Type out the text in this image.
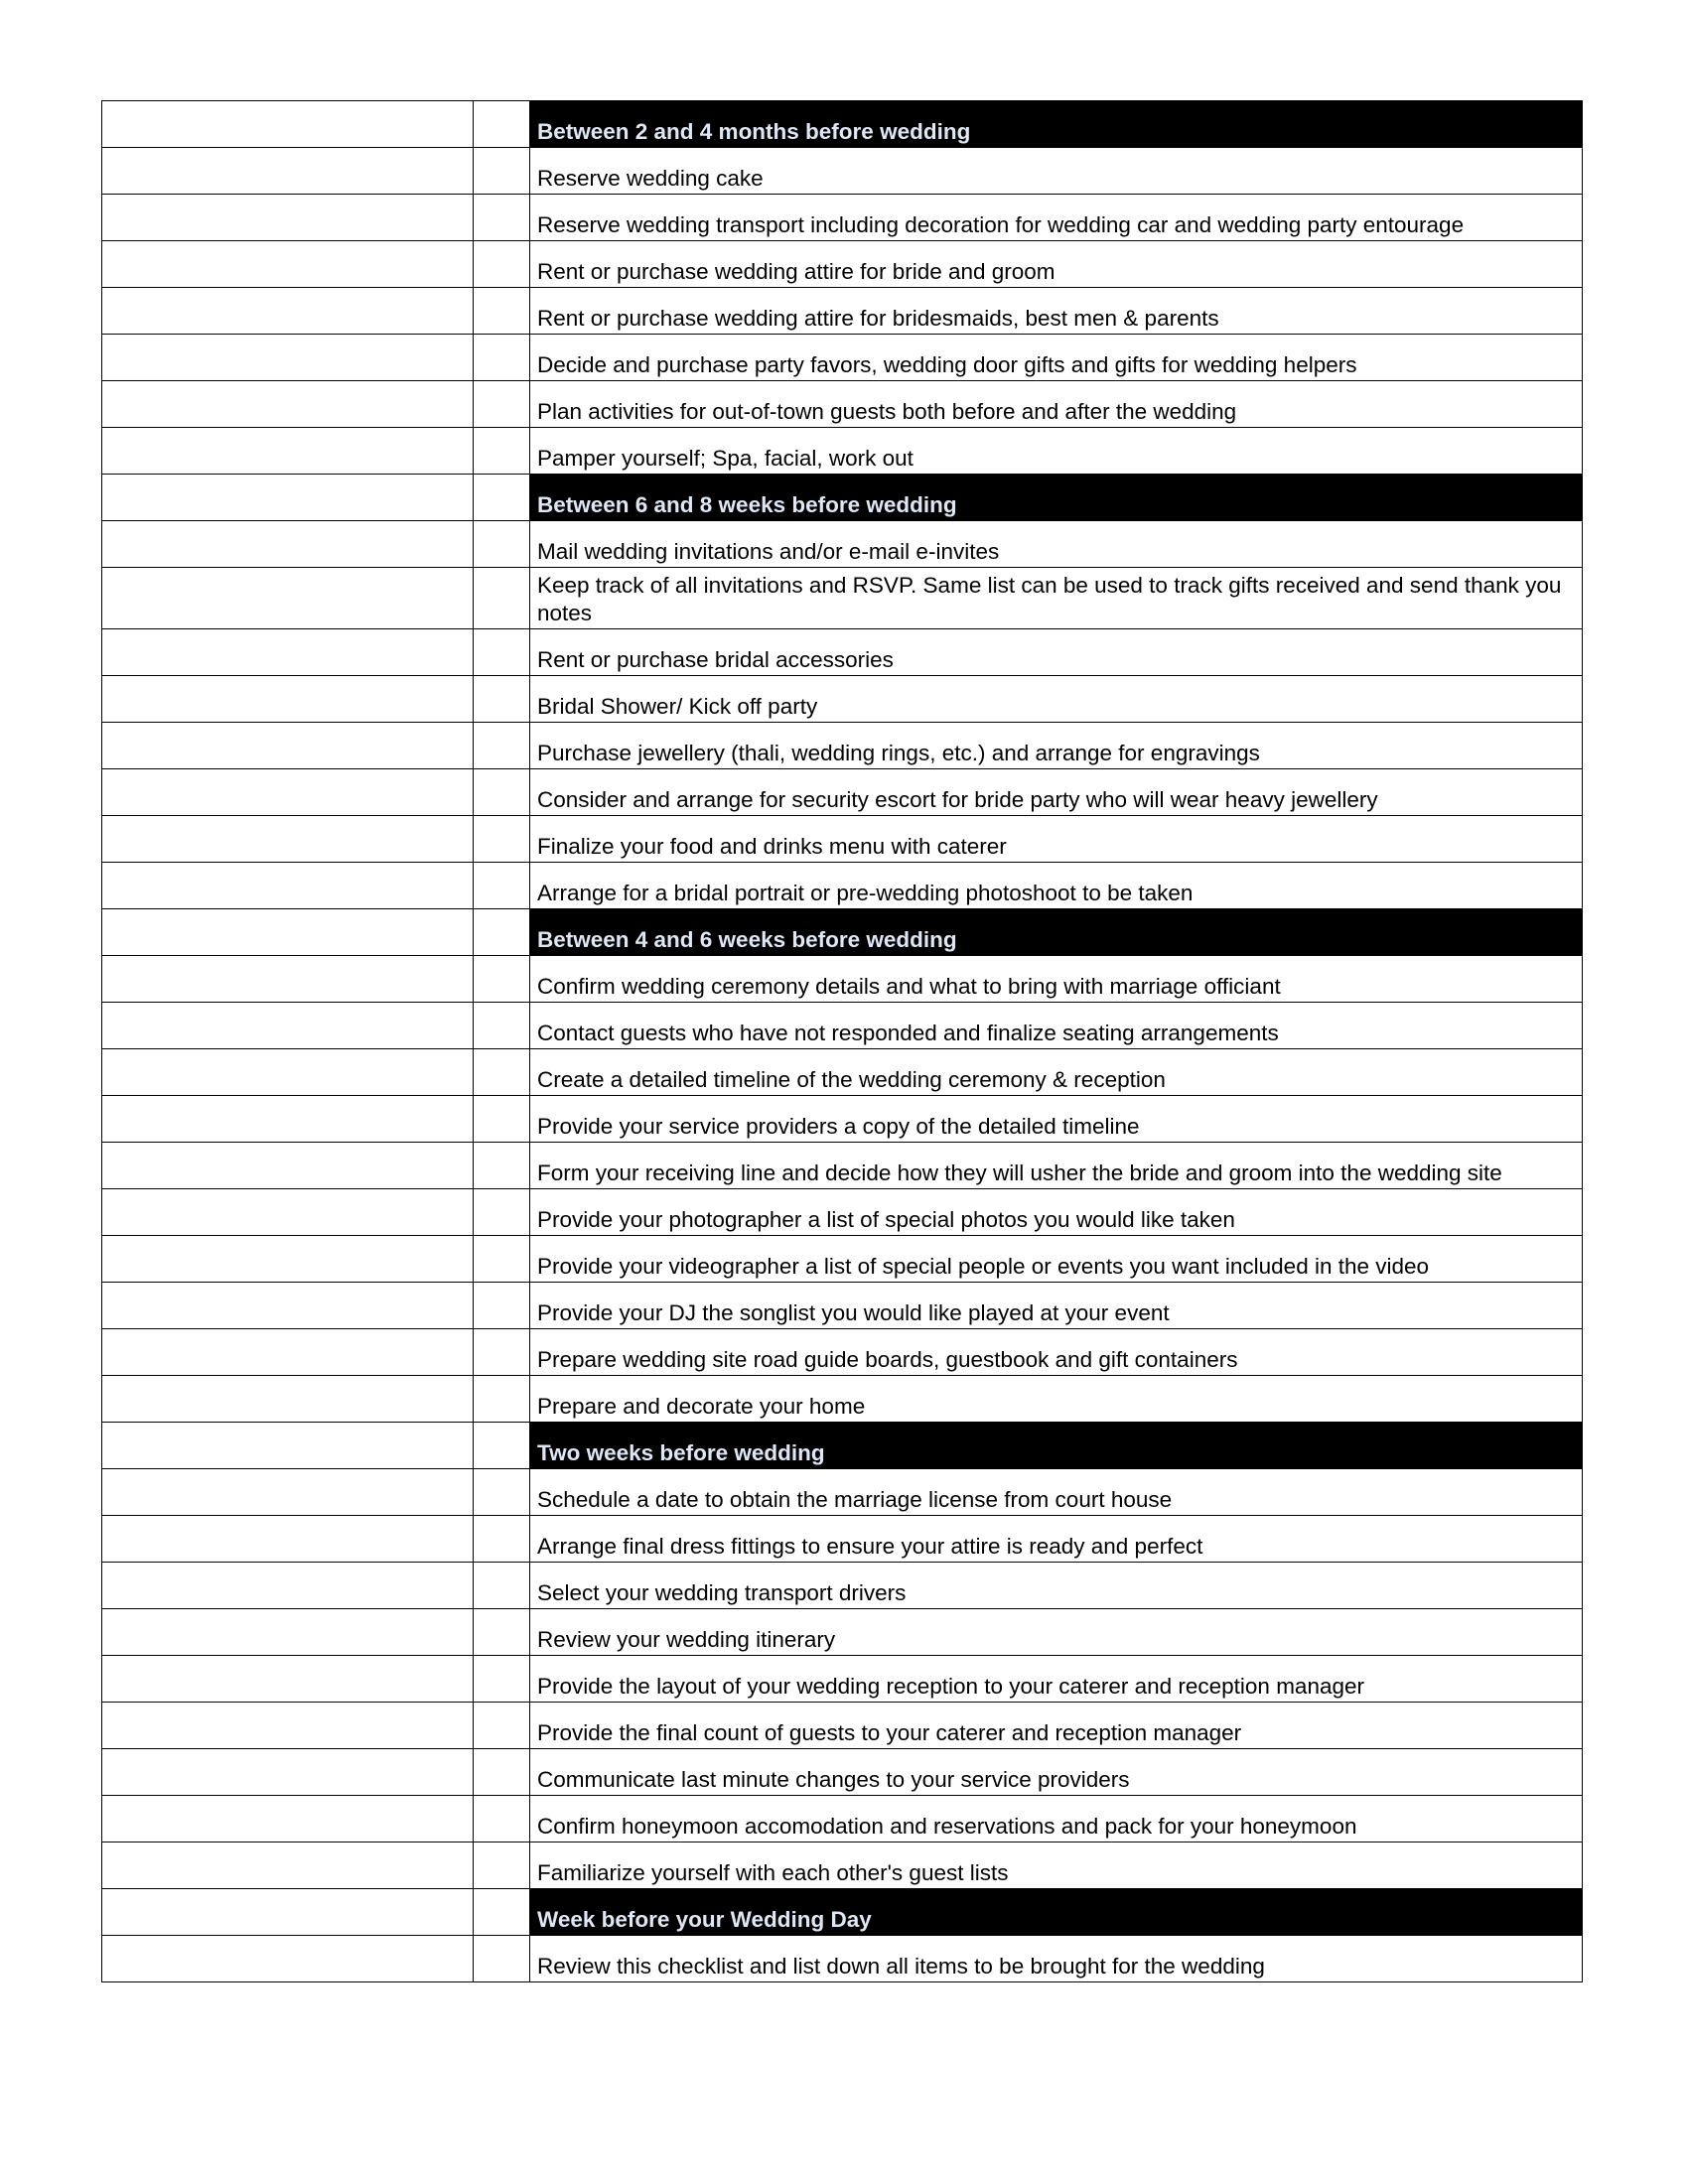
		Between 2 and 4 months before wedding

		Reserve wedding cake

		Reserve wedding transport including decoration for wedding car and wedding party entourage

		Rent or purchase wedding attire for bride and groom

		Rent or purchase wedding attire for bridesmaids, best men & parents

		Decide and purchase party favors, wedding door gifts and gifts for wedding helpers

		Plan activities for out-of-town guests both before and after the wedding

		Pamper yourself; Spa, facial, work out

		Between 6 and 8 weeks before wedding

		Mail wedding invitations and/or e-mail e-invites

		Keep track of all invitations and RSVP. Same list can be used to track gifts received and send thank you notes

		Rent or purchase bridal accessories

		Bridal Shower/ Kick off party

		Purchase jewellery (thali, wedding rings, etc.) and arrange for engravings

		Consider and arrange for security escort for bride party who will wear heavy jewellery

		Finalize your food and drinks menu with caterer

		Arrange for a bridal portrait or pre-wedding photoshoot to be taken

		Between 4 and 6 weeks before wedding

		Confirm wedding ceremony details and what to bring with marriage officiant

		Contact guests who have not responded and finalize seating arrangements

		Create a detailed timeline of the wedding ceremony & reception

		Provide your service providers a copy of the detailed timeline

		Form your receiving line and decide how they will usher the bride and groom into the wedding site

		Provide your photographer a list of special photos you would like taken

		Provide your videographer a list of special people or events you want included in the video

		Provide your DJ the songlist you would like played at your event

		Prepare wedding site road guide boards, guestbook and gift containers

		Prepare and decorate your home

		Two weeks before wedding

		Schedule a date to obtain the marriage license from court house

		Arrange final dress fittings to ensure your attire is ready and perfect

		Select your wedding transport drivers

		Review your wedding itinerary

		Provide the layout of your wedding reception to your caterer and reception manager

		Provide the final count of guests to your caterer and reception manager

		Communicate last minute changes to your service providers

		Confirm honeymoon accomodation and reservations and pack for your honeymoon

		Familiarize yourself with each other's guest lists

		Week before your Wedding Day

		Review this checklist and list down all items to be brought for the wedding
